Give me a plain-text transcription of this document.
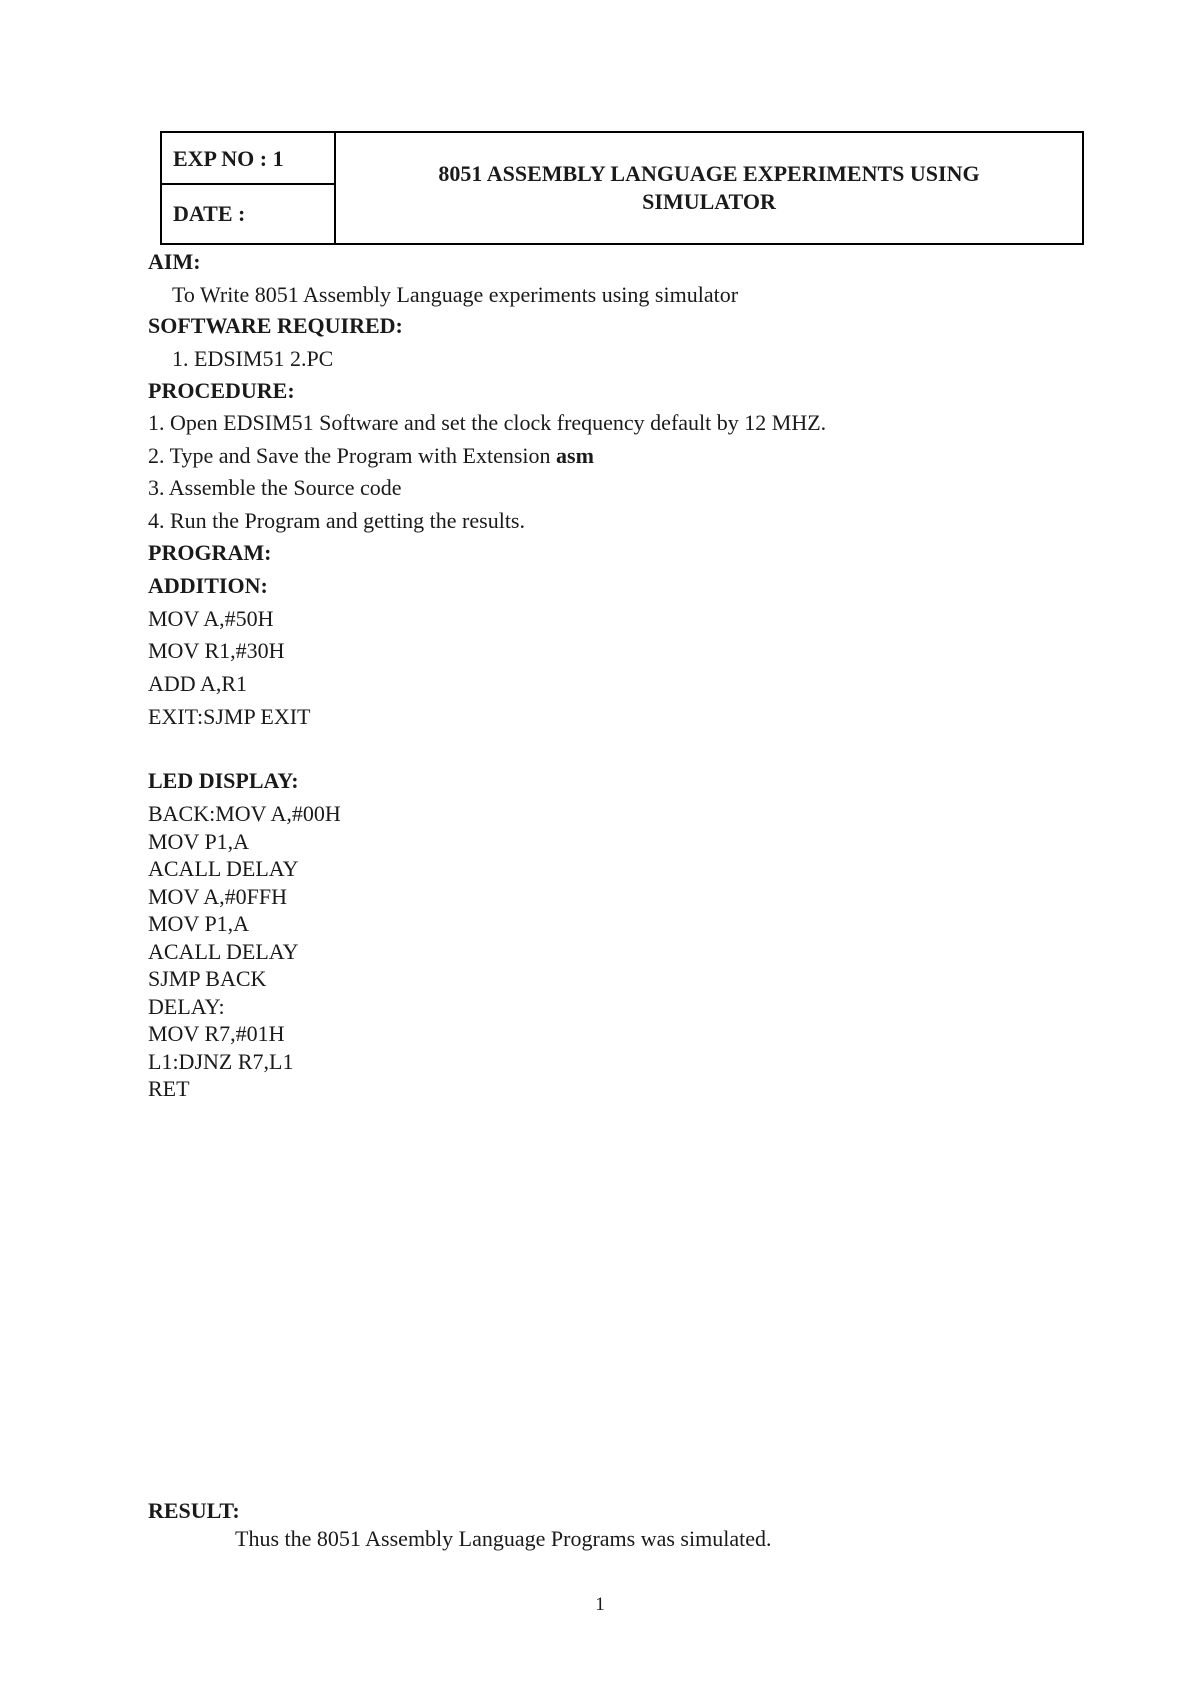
EXP NO : 1
DATE :
8051 ASSEMBLY LANGUAGE EXPERIMENTS USING
SIMULATOR
AIM:
To Write 8051 Assembly Language experiments using simulator
SOFTWARE REQUIRED:
1. EDSIM51 2.PC
PROCEDURE:
1. Open EDSIM51 Software and set the clock frequency default by 12 MHZ.
2. Type and Save the Program with Extension asm
3. Assemble the Source code
4. Run the Program and getting the results.
PROGRAM:
ADDITION:
MOV A,#50H
MOV R1,#30H
ADD A,R1
EXIT:SJMP EXIT
LED DISPLAY:
BACK:MOV A,#00H
MOV P1,A
ACALL DELAY
MOV A,#0FFH
MOV P1,A
ACALL DELAY
SJMP BACK
DELAY:
MOV R7,#01H
L1:DJNZ R7,L1
RET
RESULT:
Thus the 8051 Assembly Language Programs was simulated.
1
